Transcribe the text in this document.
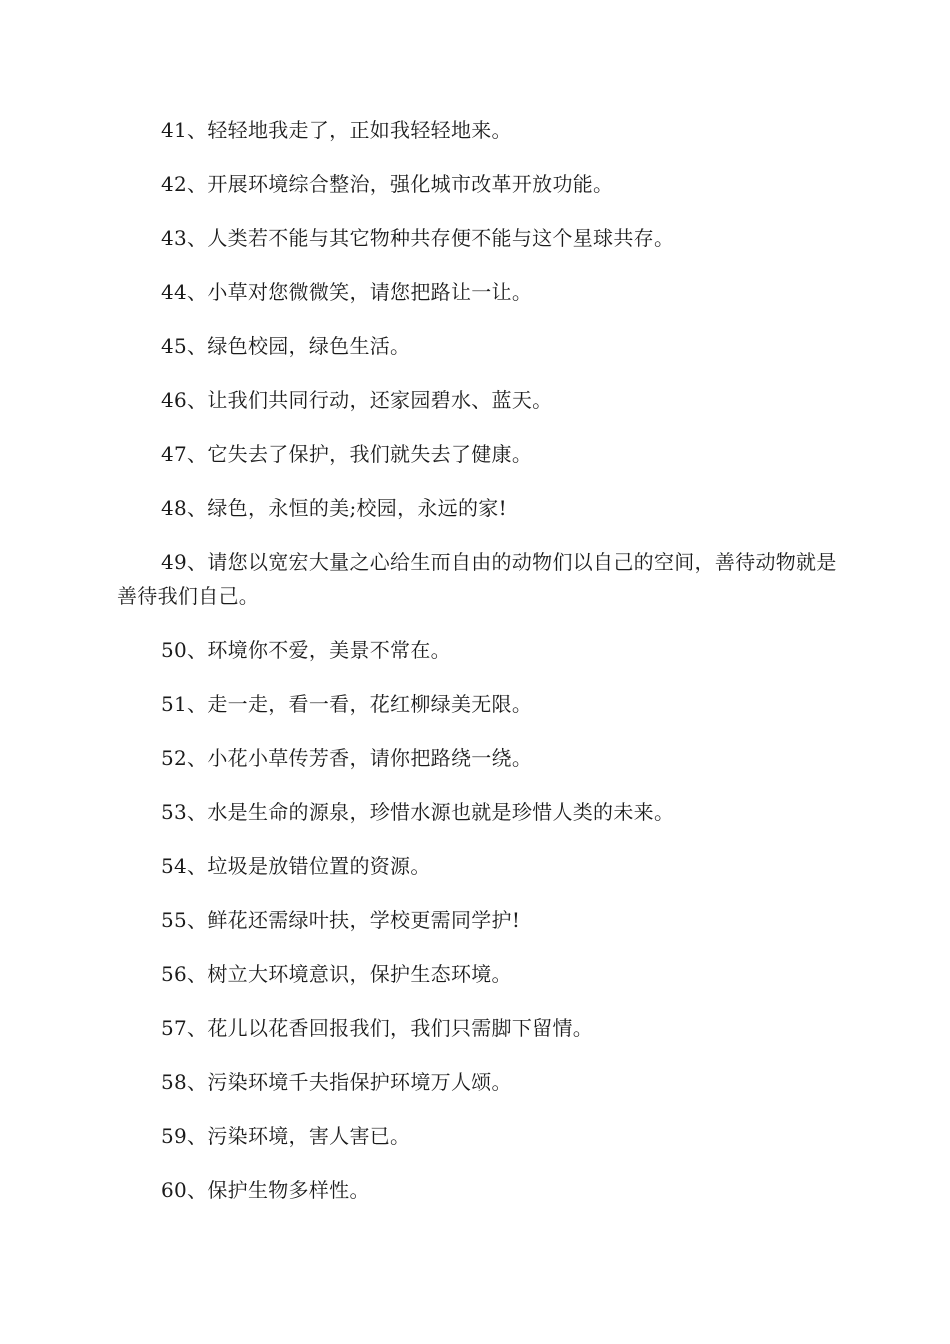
41、轻轻地我走了，正如我轻轻地来。

42、开展环境综合整治，强化城市改革开放功能。

43、人类若不能与其它物种共存便不能与这个星球共存。

44、小草对您微微笑，请您把路让一让。

45、绿色校园，绿色生活。

46、让我们共同行动，还家园碧水、蓝天。

47、它失去了保护，我们就失去了健康。

48、绿色，永恒的美;校园，永远的家!

49、请您以宽宏大量之心给生而自由的动物们以自己的空间，善待动物就是善待我们自己。

50、环境你不爱，美景不常在。

51、走一走，看一看，花红柳绿美无限。

52、小花小草传芳香，请你把路绕一绕。

53、水是生命的源泉，珍惜水源也就是珍惜人类的未来。

54、垃圾是放错位置的资源。

55、鲜花还需绿叶扶，学校更需同学护!

56、树立大环境意识，保护生态环境。

57、花儿以花香回报我们，我们只需脚下留情。

58、污染环境千夫指保护环境万人颂。

59、污染环境，害人害已。

60、保护生物多样性。
